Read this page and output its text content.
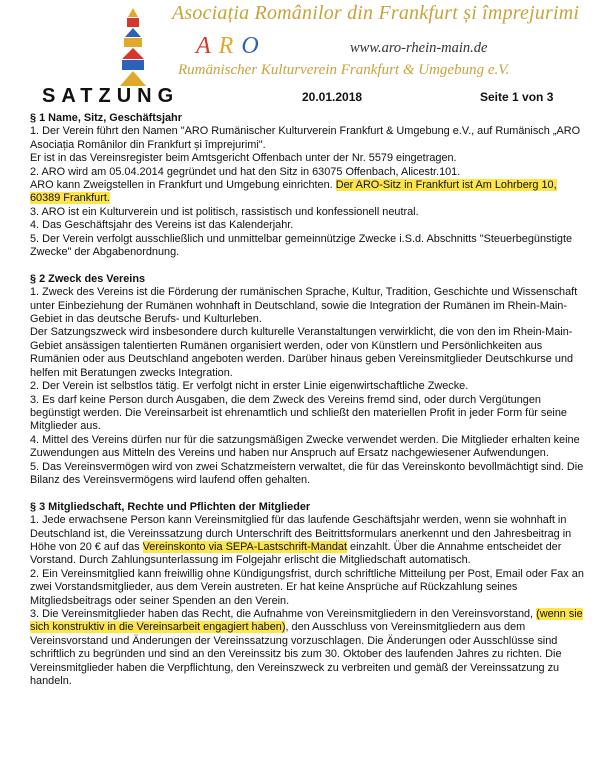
Asociația Românilor din Frankfurt și împrejurimi
ARO	www.aro-rhein-main.de
Rumänischer Kulturverein Frankfurt & Umgebung e.V.
SATZUNG	20.01.2018	Seite 1 von 3
§ 1 Name, Sitz, Geschäftsjahr

1. Der Verein führt den Namen "ARO Rumänischer Kulturverein Frankfurt & Umgebung e.V., auf Rumänisch „ARO Asociația Românilor din Frankfurt și împrejurimi".

Er ist in das Vereinsregister beim Amtsgericht Offenbach unter der Nr. 5579 eingetragen.

2. ARO wird am 05.04.2014 gegründet und hat den Sitz in 63075 Offenbach, Alicestr.101.

ARO kann Zweigstellen in Frankfurt und Umgebung einrichten. Der ARO-Sitz in Frankfurt ist Am Lohrberg 10, 60389 Frankfurt.

3. ARO ist ein Kulturverein und ist politisch, rassistisch und konfessionell neutral.

4. Das Geschäftsjahr des Vereins ist das Kalenderjahr.

5. Der Verein verfolgt ausschließlich und unmittelbar gemeinnützige Zwecke i.S.d. Abschnitts "Steuerbegünstigte Zwecke" der Abgabenordnung.

§ 2 Zweck des Vereins

1. Zweck des Vereins ist die Förderung der rumänischen Sprache, Kultur, Tradition, Geschichte und Wissenschaft unter Einbeziehung der Rumänen wohnhaft in Deutschland, sowie die Integration der Rumänen im Rhein-Main-Gebiet in das deutsche Berufs- und Kulturleben.

Der Satzungszweck wird insbesondere durch kulturelle Veranstaltungen verwirklicht, die von den im Rhein-Main-Gebiet ansässigen talentierten Rumänen organisiert werden, oder von Künstlern und Persönlichkeiten aus Rumänien oder aus Deutschland angeboten werden. Darüber hinaus geben Vereinsmitglieder Deutschkurse und helfen mit Beratungen zwecks Integration.

2. Der Verein ist selbstlos tätig. Er verfolgt nicht in erster Linie eigenwirtschaftliche Zwecke.

3. Es darf keine Person durch Ausgaben, die dem Zweck des Vereins fremd sind, oder durch Vergütungen begünstigt werden. Die Vereinsarbeit ist ehrenamtlich und schließt den materiellen Profit in jeder Form für seine Mitglieder aus.

4. Mittel des Vereins dürfen nur für die satzungsmäßigen Zwecke verwendet werden. Die Mitglieder erhalten keine Zuwendungen aus Mitteln des Vereins und haben nur Anspruch auf Ersatz nachgewiesener Aufwendungen.

5. Das Vereinsvermögen wird von zwei Schatzmeistern verwaltet, die für das Vereinskonto bevollmächtigt sind. Die Bilanz des Vereinsvermögens wird laufend offen gehalten.

§ 3 Mitgliedschaft, Rechte und Pflichten der Mitglieder

1. Jede erwachsene Person kann Vereinsmitglied für das laufende Geschäftsjahr werden, wenn sie wohnhaft in Deutschland ist, die Vereinssatzung durch Unterschrift des Beitrittsformulars anerkennt und den Jahresbeitrag in Höhe von 20 € auf das Vereinskonto via SEPA-Lastschrift-Mandat einzahlt. Über die Annahme entscheidet der Vorstand. Durch Zahlungsunterlassung im Folgejahr erlischt die Mitgliedschaft automatisch.

2. Ein Vereinsmitglied kann freiwillig ohne Kündigungsfrist, durch schriftliche Mitteilung per Post, Email oder Fax an zwei Vorstandsmitglieder, aus dem Verein austreten. Er hat keine Ansprüche auf Rückzahlung seines Mitgliedsbeitrags oder seiner Spenden an den Verein.

3. Die Vereinsmitglieder haben das Recht, die Aufnahme von Vereinsmitgliedern in den Vereinsvorstand, (wenn sie sich konstruktiv in die Vereinsarbeit engagiert haben), den Ausschluss von Vereinsmitgliedern aus dem Vereinsvorstand und Änderungen der Vereinssatzung vorzuschlagen. Die Änderungen oder Ausschlüsse sind schriftlich zu begründen und sind an den Vereinssitz bis zum 30. Oktober des laufenden Jahres zu richten. Die Vereinsmitglieder haben die Verpflichtung, den Vereinszweck zu verbreiten und gemäß der Vereinssatzung zu handeln.
